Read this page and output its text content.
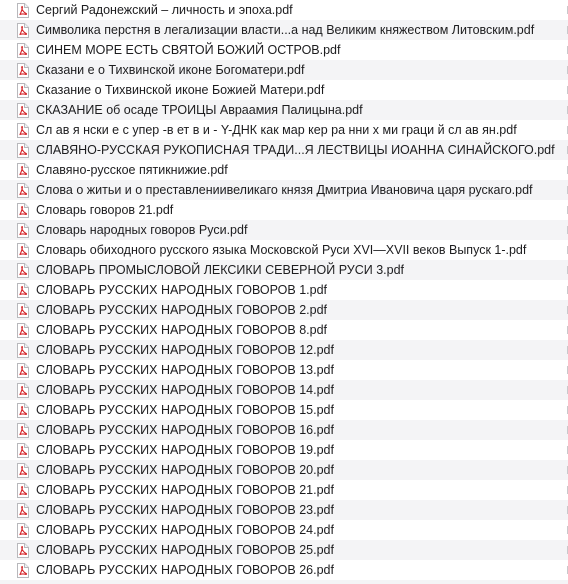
Сергий Радонежский – личность и эпоха.pdf
Символика перстня в легализации власти...а над Великим княжеством Литовским.pdf
СИНЕМ МОРЕ ЕСТЬ СВЯТОЙ БОЖИЙ ОСТРОВ.pdf
Сказани е о Тихвинской иконе Богоматери.pdf
Сказание о Тихвинской иконе Божией Матери.pdf
СКАЗАНИЕ об осаде ТРОИЦЫ Авраамия Палицына.pdf
Сл ав я нски е с упер -в ет в и - Y-ДНК как мар кер ра нни х ми граци й сл ав ян.pdf
СЛАВЯНО-РУССКАЯ РУКОПИСНАЯ ТРАДИ...Я ЛЕСТВИЦЫ ИОАННА СИНАЙСКОГО.pdf
Славяно-русское пятикнижие.pdf
Слова о житьи и о преставлениивеликаго князя Дмитриа Ивановича царя рускаго.pdf
Словарь говоров 21.pdf
Словарь народных говоров Руси.pdf
Словарь обиходного русского языка Московской Руси XVI—XVII веков Выпуск 1-.pdf
СЛОВАРЬ ПРОМЫСЛОВОЙ ЛЕКСИКИ СЕВЕРНОЙ РУСИ 3.pdf
СЛОВАРЬ РУССКИХ НАРОДНЫХ ГОВОРОВ 1.pdf
СЛОВАРЬ РУССКИХ НАРОДНЫХ ГОВОРОВ 2.pdf
СЛОВАРЬ РУССКИХ НАРОДНЫХ ГОВОРОВ 8.pdf
СЛОВАРЬ РУССКИХ НАРОДНЫХ ГОВОРОВ 12.pdf
СЛОВАРЬ РУССКИХ НАРОДНЫХ ГОВОРОВ 13.pdf
СЛОВАРЬ РУССКИХ НАРОДНЫХ ГОВОРОВ 14.pdf
СЛОВАРЬ РУССКИХ НАРОДНЫХ ГОВОРОВ 15.pdf
СЛОВАРЬ РУССКИХ НАРОДНЫХ ГОВОРОВ 16.pdf
СЛОВАРЬ РУССКИХ НАРОДНЫХ ГОВОРОВ 19.pdf
СЛОВАРЬ РУССКИХ НАРОДНЫХ ГОВОРОВ 20.pdf
СЛОВАРЬ РУССКИХ НАРОДНЫХ ГОВОРОВ 21.pdf
СЛОВАРЬ РУССКИХ НАРОДНЫХ ГОВОРОВ 23.pdf
СЛОВАРЬ РУССКИХ НАРОДНЫХ ГОВОРОВ 24.pdf
СЛОВАРЬ РУССКИХ НАРОДНЫХ ГОВОРОВ 25.pdf
СЛОВАРЬ РУССКИХ НАРОДНЫХ ГОВОРОВ 26.pdf
